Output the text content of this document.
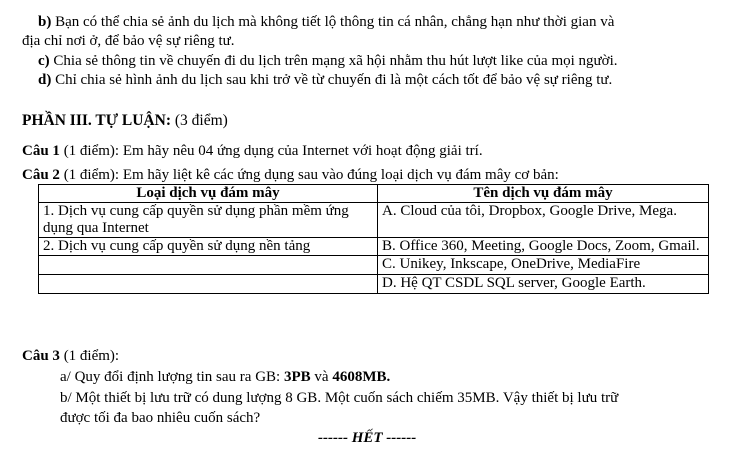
b) Bạn có thể chia sẻ ảnh du lịch mà không tiết lộ thông tin cá nhân, chẳng hạn như thời gian và
địa chỉ nơi ở, để bảo vệ sự riêng tư.
c) Chia sẻ thông tin về chuyến đi du lịch trên mạng xã hội nhằm thu hút lượt like của mọi người.
d) Chỉ chia sẻ hình ảnh du lịch sau khi trở về từ chuyến đi là một cách tốt để bảo vệ sự riêng tư.
PHẦN III. TỰ LUẬN: (3 điểm)
Câu 1 (1 điểm): Em hãy nêu 04 ứng dụng của Internet với hoạt động giải trí.
Câu 2 (1 điểm): Em hãy liệt kê các ứng dụng sau vào đúng loại dịch vụ đám mây cơ bản:
Loại dịch vụ đám mây	Tên dịch vụ đám mây
1. Dịch vụ cung cấp quyền sử dụng phần mềm ứng dụng qua Internet	A. Cloud của tôi, Dropbox, Google Drive, Mega.
2. Dịch vụ cung cấp quyền sử dụng nền tảng	B. Office 360, Meeting, Google Docs, Zoom, Gmail.
	C. Unikey, Inkscape, OneDrive, MediaFire
	D. Hệ QT CSDL SQL server, Google Earth.
Câu 3 (1 điểm):
a/ Quy đổi định lượng tin sau ra GB: 3PB và 4608MB.
b/ Một thiết bị lưu trữ có dung lượng 8 GB. Một cuốn sách chiếm 35MB. Vậy thiết bị lưu trữ
được tối đa bao nhiêu cuốn sách?
------ HẾT ------
